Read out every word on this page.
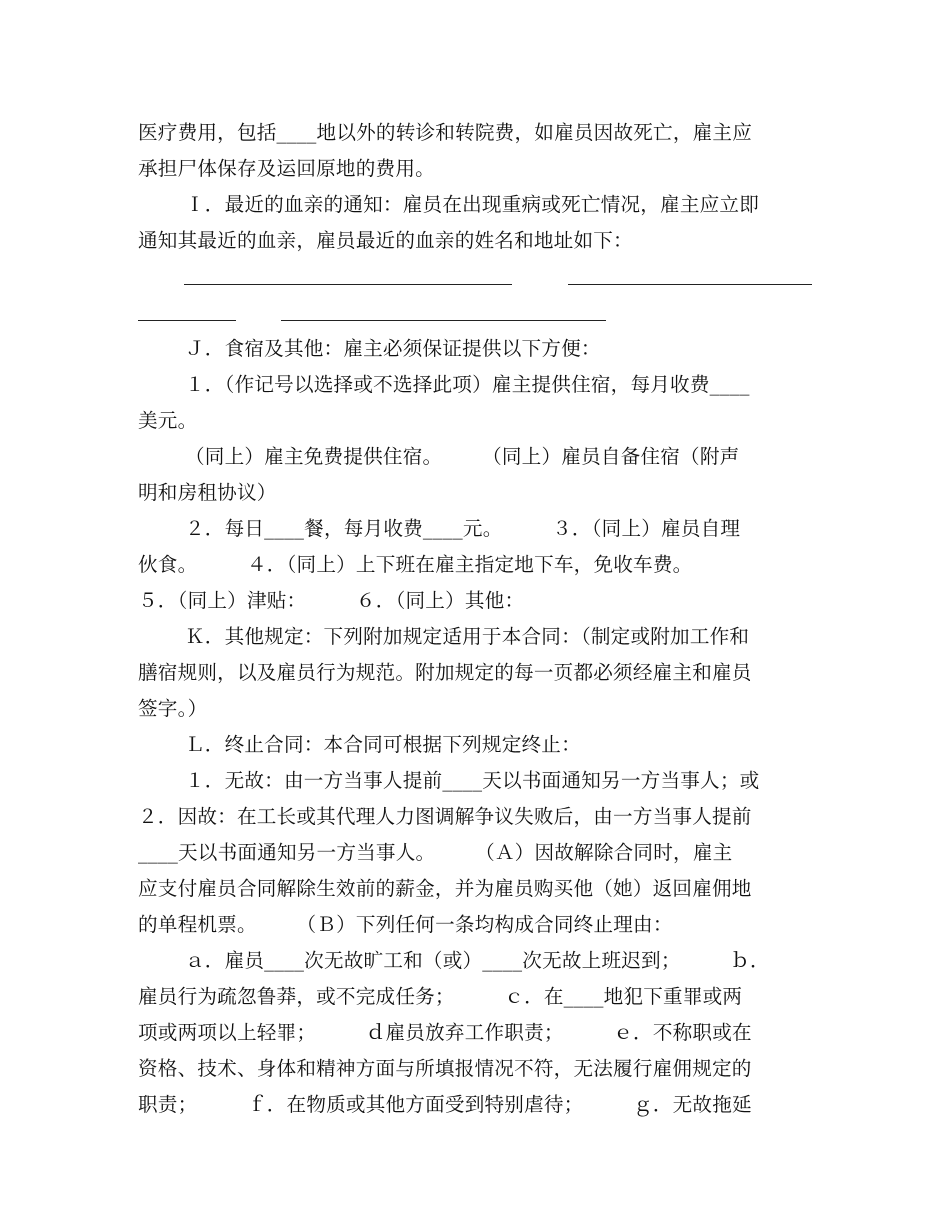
医疗费用，包括____地以外的转诊和转院费，如雇员因故死亡，雇主应
承担尸体保存及运回原地的费用。
Ｉ．最近的血亲的通知：雇员在出现重病或死亡情况，雇主应立即
通知其最近的血亲，雇员最近的血亲的姓名和地址如下：
Ｊ．食宿及其他：雇主必须保证提供以下方便：
１．（作记号以选择或不选择此项）雇主提供住宿，每月收费____
美元。
（同上）雇主免费提供住宿。　　　（同上）雇员自备住宿（附声
明和房租协议）
２．每日____餐，每月收费____元。　　　３．（同上）雇员自理
伙食。　　　４．（同上）上下班在雇主指定地下车，免收车费。
５．（同上）津贴：　　　６．（同上）其他：
Ｋ．其他规定：下列附加规定适用于本合同：（制定或附加工作和
膳宿规则，以及雇员行为规范。附加规定的每一页都必须经雇主和雇员
签字。）
Ｌ．终止合同：本合同可根据下列规定终止：
１．无故：由一方当事人提前____天以书面通知另一方当事人；或
２．因故：在工长或其代理人力图调解争议失败后，由一方当事人提前
____天以书面通知另一方当事人。　　　（Ａ）因故解除合同时，雇主
应支付雇员合同解除生效前的薪金，并为雇员购买他（她）返回雇佣地
的单程机票。　　　（Ｂ）下列任何一条均构成合同终止理由：
ａ．雇员____次无故旷工和（或）____次无故上班迟到；　　　ｂ．
雇员行为疏忽鲁莽，或不完成任务；　　　ｃ．在____地犯下重罪或两
项或两项以上轻罪；　　　ｄ雇员放弃工作职责；　　　ｅ．不称职或在
资格、技术、身体和精神方面与所填报情况不符，无法履行雇佣规定的
职责；　　　ｆ．在物质或其他方面受到特别虐待；　　　ｇ．无故拖延
